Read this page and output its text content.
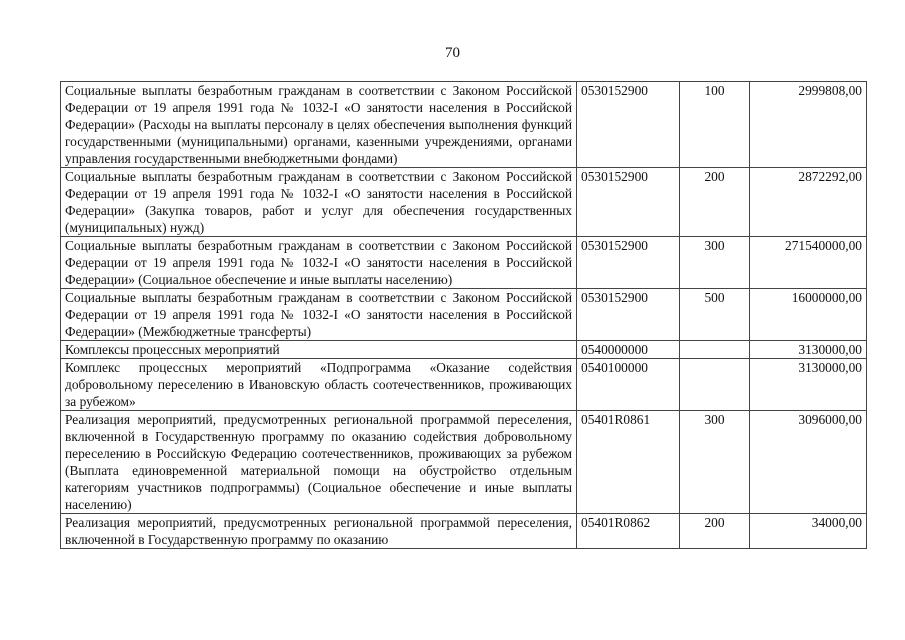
70
Социальные выплаты безработным гражданам в соответствии с Законом Российской Федерации от 19 апреля 1991 года № 1032-I «О занятости населения в Российской Федерации» (Расходы на выплаты персоналу в целях обеспечения выполнения функций государственными (муниципальными) органами, казенными учреждениями, органами управления государственными внебюджетными фондами)	0530152900	100	2999808,00
Социальные выплаты безработным гражданам в соответствии с Законом Российской Федерации от 19 апреля 1991 года № 1032-I «О занятости населения в Российской Федерации» (Закупка товаров, работ и услуг для обеспечения государственных (муниципальных) нужд)	0530152900	200	2872292,00
Социальные выплаты безработным гражданам в соответствии с Законом Российской Федерации от 19 апреля 1991 года № 1032-I «О занятости населения в Российской Федерации» (Социальное обеспечение и иные выплаты населению)	0530152900	300	271540000,00
Социальные выплаты безработным гражданам в соответствии с Законом Российской Федерации от 19 апреля 1991 года № 1032-I «О занятости населения в Российской Федерации» (Межбюджетные трансферты)	0530152900	500	16000000,00
Комплексы процессных мероприятий	0540000000		3130000,00
Комплекс процессных мероприятий «Подпрограмма «Оказание содействия добровольному переселению в Ивановскую область соотечественников, проживающих за рубежом»	0540100000		3130000,00
Реализация мероприятий, предусмотренных региональной программой переселения, включенной в Государственную программу по оказанию содействия добровольному переселению в Российскую Федерацию соотечественников, проживающих за рубежом (Выплата единовременной материальной помощи на обустройство отдельным категориям участников подпрограммы) (Социальное обеспечение и иные выплаты населению)	05401R0861	300	3096000,00
Реализация мероприятий, предусмотренных региональной программой переселения, включенной в Государственную программу по оказанию	05401R0862	200	34000,00
